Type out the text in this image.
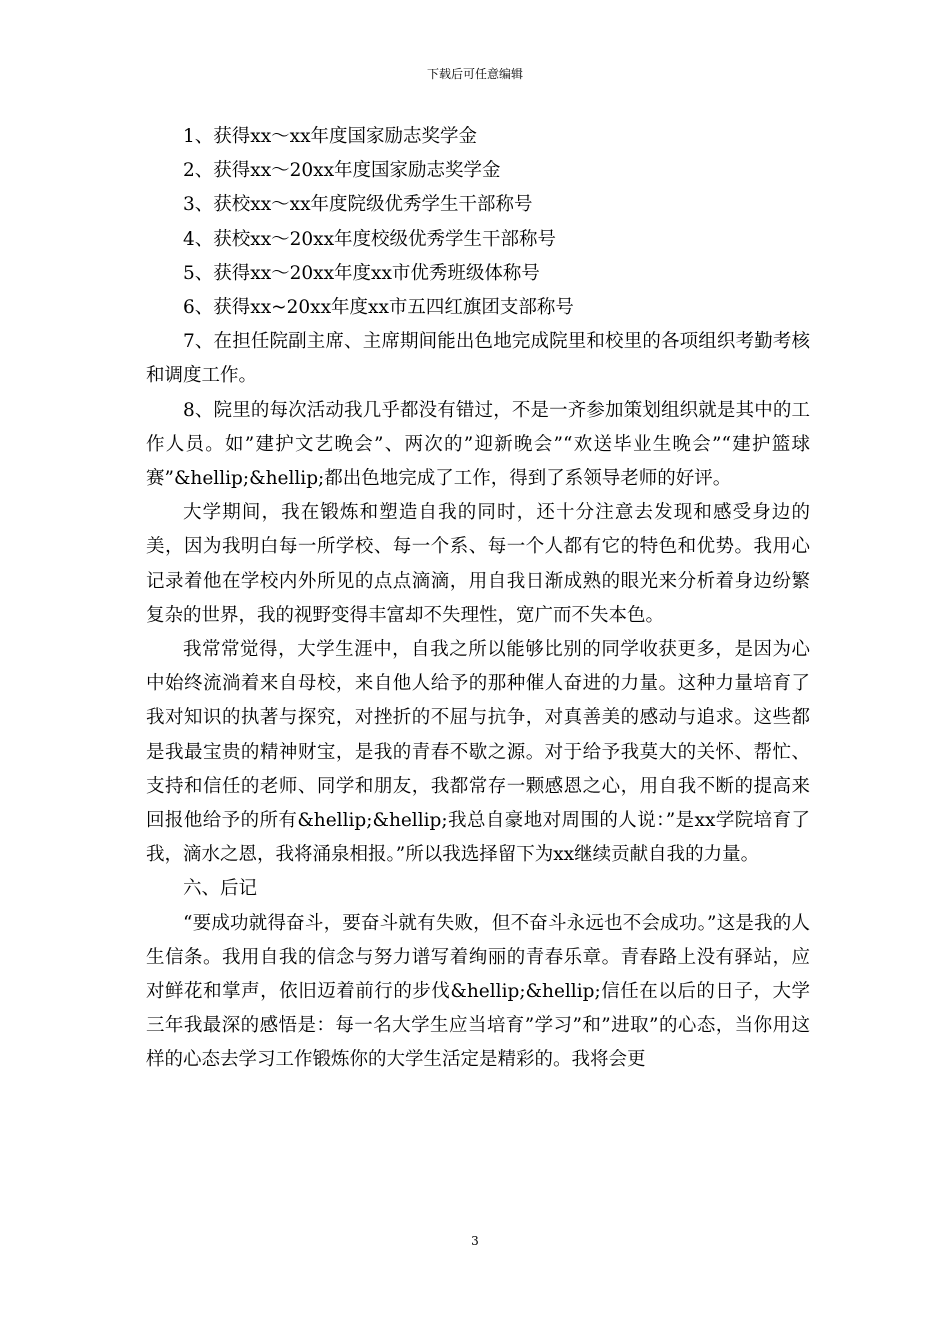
下载后可任意编辑

1、获得xx～xx年度国家励志奖学金

2、获得xx～20xx年度国家励志奖学金

3、获校xx～xx年度院级优秀学生干部称号

4、获校xx～20xx年度校级优秀学生干部称号

5、获得xx～20xx年度xx市优秀班级体称号

6、获得xx~20xx年度xx市五四红旗团支部称号

7、在担任院副主席、主席期间能出色地完成院里和校里的各项组织考勤考核和调度工作。

8、院里的每次活动我几乎都没有错过，不是一齐参加策划组织就是其中的工作人员。如”建护文艺晚会”、两次的”迎新晚会”“欢送毕业生晚会”“建护篮球赛”&hellip;&hellip;都出色地完成了工作，得到了系领导老师的好评。

大学期间，我在锻炼和塑造自我的同时，还十分注意去发现和感受身边的美，因为我明白每一所学校、每一个系、每一个人都有它的特色和优势。我用心记录着他在学校内外所见的点点滴滴，用自我日渐成熟的眼光来分析着身边纷繁复杂的世界，我的视野变得丰富却不失理性，宽广而不失本色。

我常常觉得，大学生涯中，自我之所以能够比别的同学收获更多，是因为心中始终流淌着来自母校，来自他人给予的那种催人奋进的力量。这种力量培育了我对知识的执著与探究，对挫折的不屈与抗争，对真善美的感动与追求。这些都是我最宝贵的精神财宝，是我的青春不歇之源。对于给予我莫大的关怀、帮忙、支持和信任的老师、同学和朋友，我都常存一颗感恩之心，用自我不断的提高来回报他给予的所有&hellip;&hellip;我总自豪地对周围的人说：”是xx学院培育了我，滴水之恩，我将涌泉相报。”所以我选择留下为xx继续贡献自我的力量。

六、后记

“要成功就得奋斗，要奋斗就有失败，但不奋斗永远也不会成功。”这是我的人生信条。我用自我的信念与努力谱写着绚丽的青春乐章。青春路上没有驿站，应对鲜花和掌声，依旧迈着前行的步伐&hellip;&hellip;信任在以后的日子，大学三年我最深的感悟是：每一名大学生应当培育”学习”和”进取”的心态，当你用这样的心态去学习工作锻炼你的大学生活定是精彩的。我将会更

3
